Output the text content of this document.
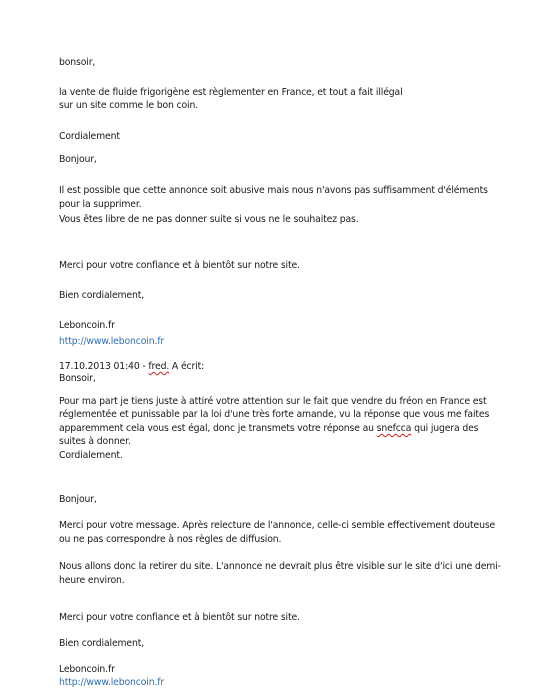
bonsoir,
la vente de fluide frigorigène est règlementer en France, et tout a fait illégal
sur un site comme le bon coin.
Cordialement
Bonjour,
Il est possible que cette annonce soit abusive mais nous n'avons pas suffisamment d'éléments
pour la supprimer.
Vous êtes libre de ne pas donner suite si vous ne le souhaitez pas.
Merci pour votre confiance et à bientôt sur notre site.
Bien cordialement,
Leboncoin.fr
http://www.leboncoin.fr
17.10.2013 01:40 - fred. A écrit:
Bonsoir,
Pour ma part je tiens juste à attiré votre attention sur le fait que vendre du fréon en France est
réglementée et punissable par la loi d'une très forte amande, vu la réponse que vous me faites
apparemment cela vous est égal, donc je transmets votre réponse au snefcca qui jugera des
suites à donner.
Cordialement.
Bonjour,
Merci pour votre message. Après relecture de l'annonce, celle-ci semble effectivement douteuse
ou ne pas correspondre à nos règles de diffusion.
Nous allons donc la retirer du site. L'annonce ne devrait plus être visible sur le site d'ici une demi-
heure environ.
Merci pour votre confiance et à bientôt sur notre site.
Bien cordialement,
Leboncoin.fr
http://www.leboncoin.fr
